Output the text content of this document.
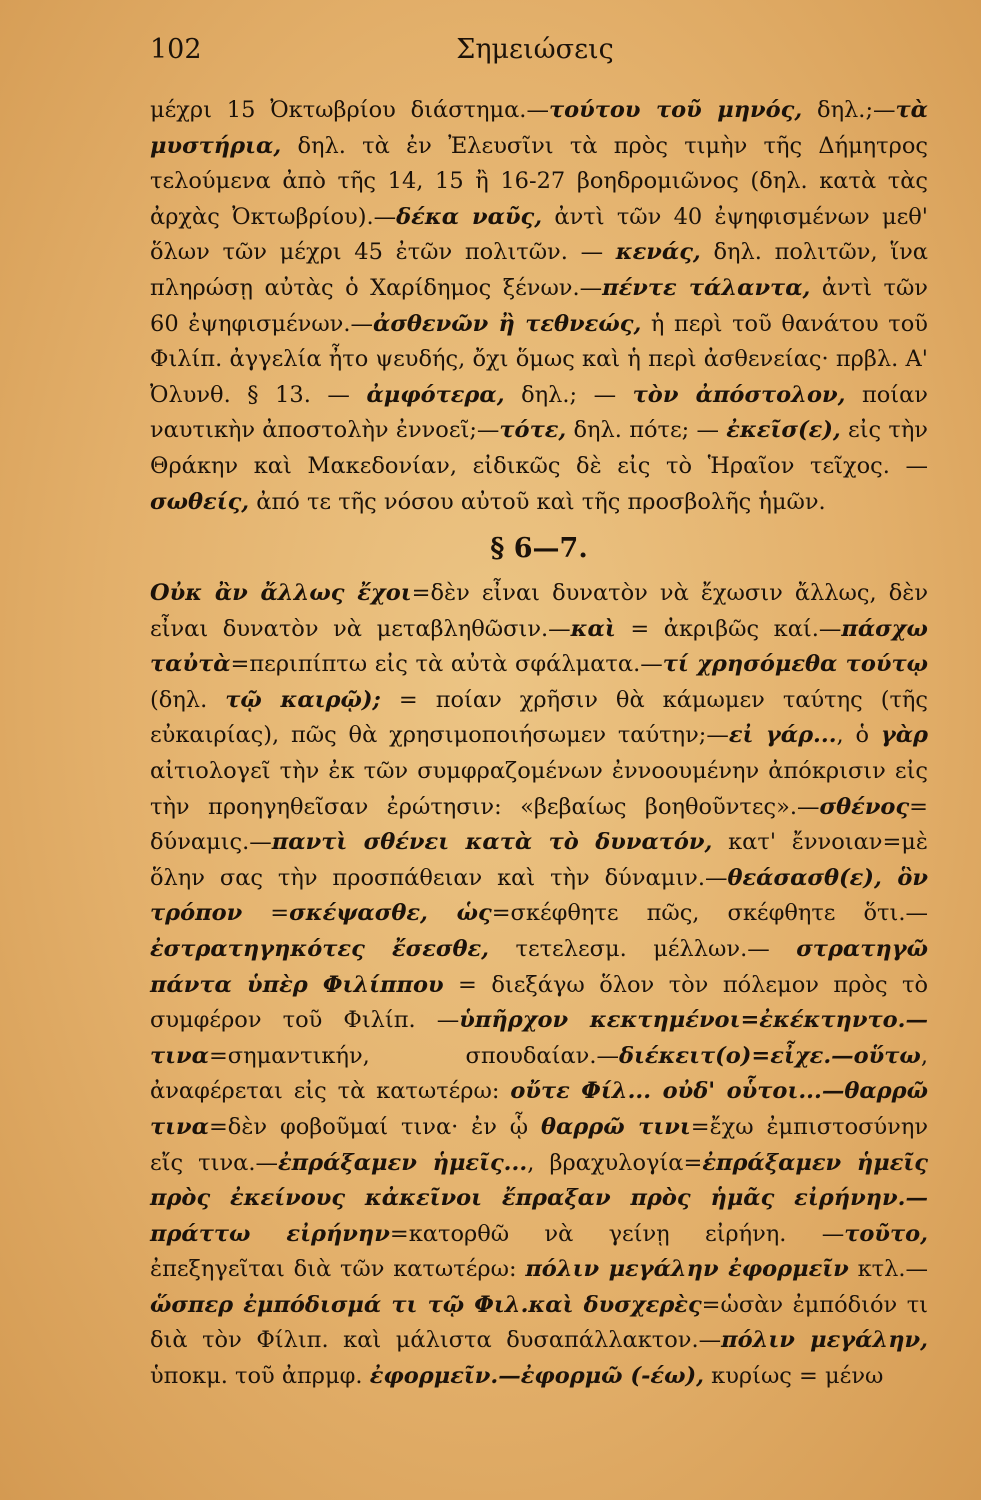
102	Σημειώσεις

μέχρι 15 Ὀκτωβρίου διάστημα.—τούτου τοῦ μηνός, δηλ.;—τὰ μυστήρια, δηλ. τὰ ἐν Ἐλευσῖνι τὰ πρὸς τιμὴν τῆς Δήμητρος τελούμενα ἀπὸ τῆς 14, 15 ἢ 16-27 βοηδρομιῶνος (δηλ. κατὰ τὰς ἀρχὰς Ὀκτωβρίου).—δέκα ναῦς, ἀντὶ τῶν 40 ἐψηφισμένων μεθ' ὅλων τῶν μέχρι 45 ἐτῶν πολιτῶν. — κενάς, δηλ. πολιτῶν, ἵνα πληρώσῃ αὐτὰς ὁ Χαρίδημος ξένων.—πέντε τάλαντα, ἀντὶ τῶν 60 ἐψηφισμένων.—ἀσθενῶν ἢ τεθνεώς, ἡ περὶ τοῦ θανάτου τοῦ Φιλίπ. ἀγγελία ἦτο ψευδής, ὄχι ὅμως καὶ ἡ περὶ ἀσθενείας· πρβλ. Α' Ὀλυνθ. § 13. — ἀμφότερα, δηλ.; — τὸν ἀπόστολον, ποίαν ναυτικὴν ἀποστολὴν ἐννοεῖ;—τότε, δηλ. πότε; — ἐκεῖσ(ε), εἰς τὴν Θράκην καὶ Μακεδονίαν, εἰδικῶς δὲ εἰς τὸ Ἡραῖον τεῖχος. —σωθείς, ἀπό τε τῆς νόσου αὐτοῦ καὶ τῆς προσβολῆς ἡμῶν.

§ 6—7.

Οὐκ ἂν ἄλλως ἔχοι=δὲν εἶναι δυνατὸν νὰ ἔχωσιν ἄλλως, δὲν εἶναι δυνατὸν νὰ μεταβληθῶσιν.—καὶ = ἀκριβῶς καί.—πάσχω ταὐτὰ=περιπίπτω εἰς τὰ αὐτὰ σφάλματα.—τί χρησόμεθα τούτῳ (δηλ. τῷ καιρῷ); = ποίαν χρῆσιν θὰ κάμωμεν ταύτης (τῆς εὐκαιρίας), πῶς θὰ χρησιμοποιήσωμεν ταύτην;—εἰ γάρ..., ὁ γὰρ αἰτιολογεῖ τὴν ἐκ τῶν συμφραζομένων ἐννοουμένην ἀπόκρισιν εἰς τὴν προηγηθεῖσαν ἐρώτησιν: «βεβαίως βοηθοῦντες».—σθένος= δύναμις.—παντὶ σθένει κατὰ τὸ δυνατόν, κατ' ἔννοιαν=μὲ ὅλην σας τὴν προσπάθειαν καὶ τὴν δύναμιν.—θεάσασθ(ε), ὃν τρόπον =σκέψασθε, ὡς=σκέφθητε πῶς, σκέφθητε ὅτι.—ἐστρατηγηκότες ἔσεσθε, τετελεσμ. μέλλων.— στρατηγῶ πάντα ὑπὲρ Φιλίππου = διεξάγω ὅλον τὸν πόλεμον πρὸς τὸ συμφέρον τοῦ Φιλίπ. —ὑπῆρχον κεκτημένοι=ἐκέκτηντο.—τινα=σημαντικήν, σπουδαίαν.—διέκειτ(ο)=εἶχε.—οὕτω, ἀναφέρεται εἰς τὰ κατωτέρω: οὔτε Φίλ... οὐδ' οὗτοι...—θαρρῶ τινα=δὲν φοβοῦμαί τινα· ἐν ᾧ θαρρῶ τινι=ἔχω ἐμπιστοσύνην εἴς τινα.—ἐπράξαμεν ἡμεῖς..., βραχυλογία=ἐπράξαμεν ἡμεῖς πρὸς ἐκείνους κἀκεῖνοι ἔπραξαν πρὸς ἡμᾶς εἰρήνην.—πράττω εἰρήνην=κατορθῶ νὰ γείνῃ εἰρήνη. —τοῦτο, ἐπεξηγεῖται διὰ τῶν κατωτέρω: πόλιν μεγάλην ἐφορμεῖν κτλ.—ὥσπερ ἐμπόδισμά τι τῷ Φιλ.καὶ δυσχερὲς=ὡσὰν ἐμπόδιόν τι διὰ τὸν Φίλιπ. καὶ μάλιστα δυσαπάλλακτον.—πόλιν μεγάλην, ὑποκμ. τοῦ ἀπρμφ. ἐφορμεῖν.—ἐφορμῶ (-έω), κυρίως = μένω
